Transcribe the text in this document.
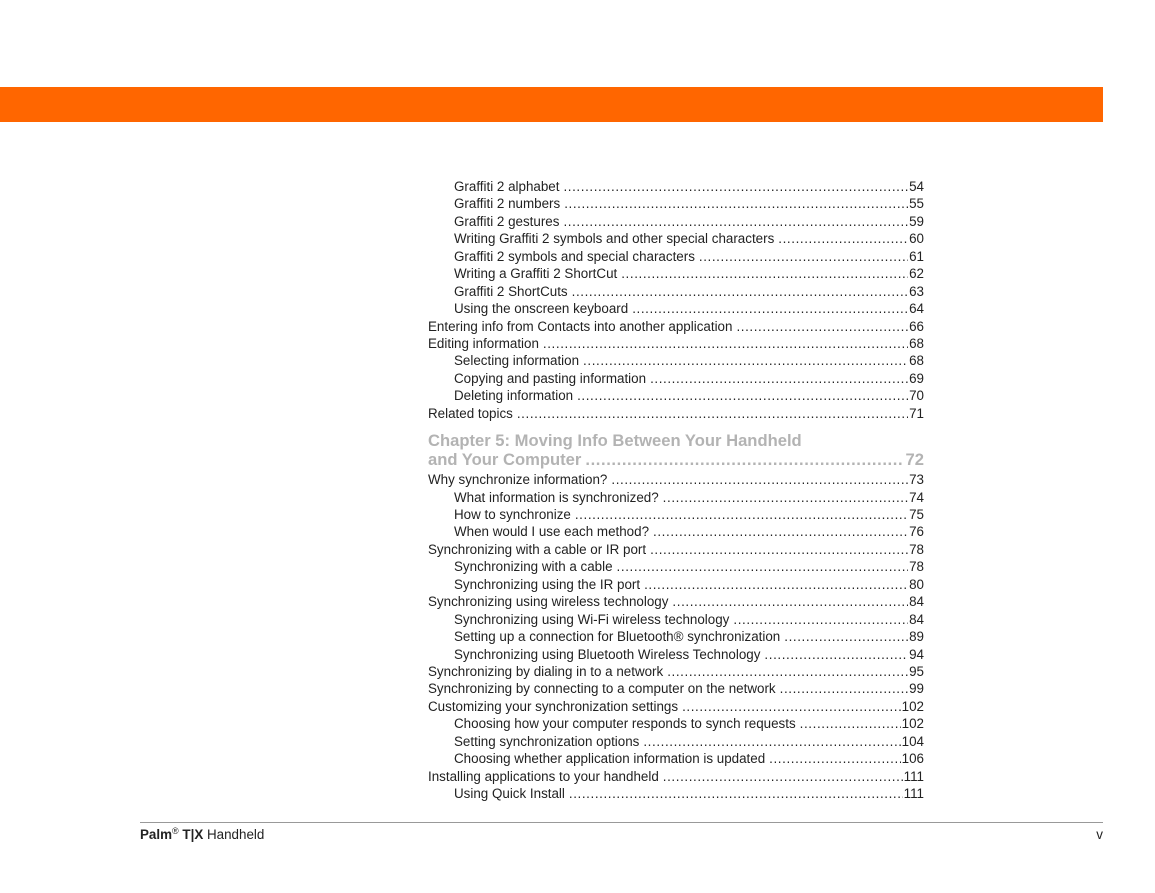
Graffiti 2 alphabet .....	54
Graffiti 2 numbers .....	55
Graffiti 2 gestures .....	59
Writing Graffiti 2 symbols and other special characters .....	60
Graffiti 2 symbols and special characters .....	61
Writing a Graffiti 2 ShortCut .....	62
Graffiti 2 ShortCuts .....	63
Using the onscreen keyboard .....	64
Entering info from Contacts into another application .....	66
Editing information .....	68
Selecting information .....	68
Copying and pasting information .....	69
Deleting information .....	70
Related topics .....	71
Chapter 5: Moving Info Between Your Handheld
and Your Computer .....	72
Why synchronize information? .....	73
What information is synchronized? .....	74
How to synchronize .....	75
When would I use each method? .....	76
Synchronizing with a cable or IR port .....	78
Synchronizing with a cable .....	78
Synchronizing using the IR port .....	80
Synchronizing using wireless technology .....	84
Synchronizing using Wi-Fi wireless technology .....	84
Setting up a connection for Bluetooth® synchronization .....	89
Synchronizing using Bluetooth Wireless Technology .....	94
Synchronizing by dialing in to a network .....	95
Synchronizing by connecting to a computer on the network .....	99
Customizing your synchronization settings .....	102
Choosing how your computer responds to synch requests .....	102
Setting synchronization options .....	104
Choosing whether application information is updated .....	106
Installing applications to your handheld .....	111
Using Quick Install .....	111
Palm® T|X Handheld	v
